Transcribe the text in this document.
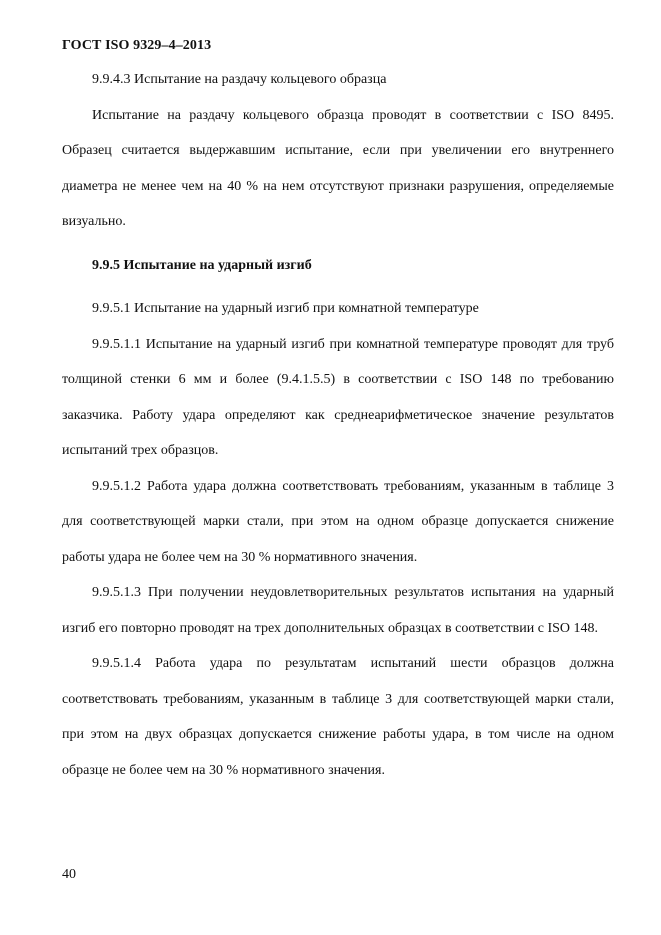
ГОСТ ISO 9329–4–2013

9.9.4.3 Испытание на раздачу кольцевого образца

Испытание на раздачу кольцевого образца проводят в соответствии с ISO 8495. Образец считается выдержавшим испытание, если при увеличении его внутреннего диаметра не менее чем на 40 % на нем отсутствуют признаки разрушения, определяемые визуально.

9.9.5 Испытание на ударный изгиб

9.9.5.1 Испытание на ударный изгиб при комнатной температуре

9.9.5.1.1 Испытание на ударный изгиб при комнатной температуре проводят для труб толщиной стенки 6 мм и более (9.4.1.5.5) в соответствии с ISO 148 по требованию заказчика. Работу удара определяют как среднеарифметическое значение результатов испытаний трех образцов.

9.9.5.1.2 Работа удара должна соответствовать требованиям, указанным в таблице 3 для соответствующей марки стали, при этом на одном образце допускается снижение работы удара не более чем на 30 % нормативного значения.

9.9.5.1.3 При получении неудовлетворительных результатов испытания на ударный изгиб его повторно проводят на трех дополнительных образцах в соответствии с ISO 148.

9.9.5.1.4 Работа удара по результатам испытаний шести образцов должна соответствовать требованиям, указанным в таблице 3 для соответствующей марки стали, при этом на двух образцах допускается снижение работы удара, в том числе на одном образце не более чем на 30 % нормативного значения.

40
